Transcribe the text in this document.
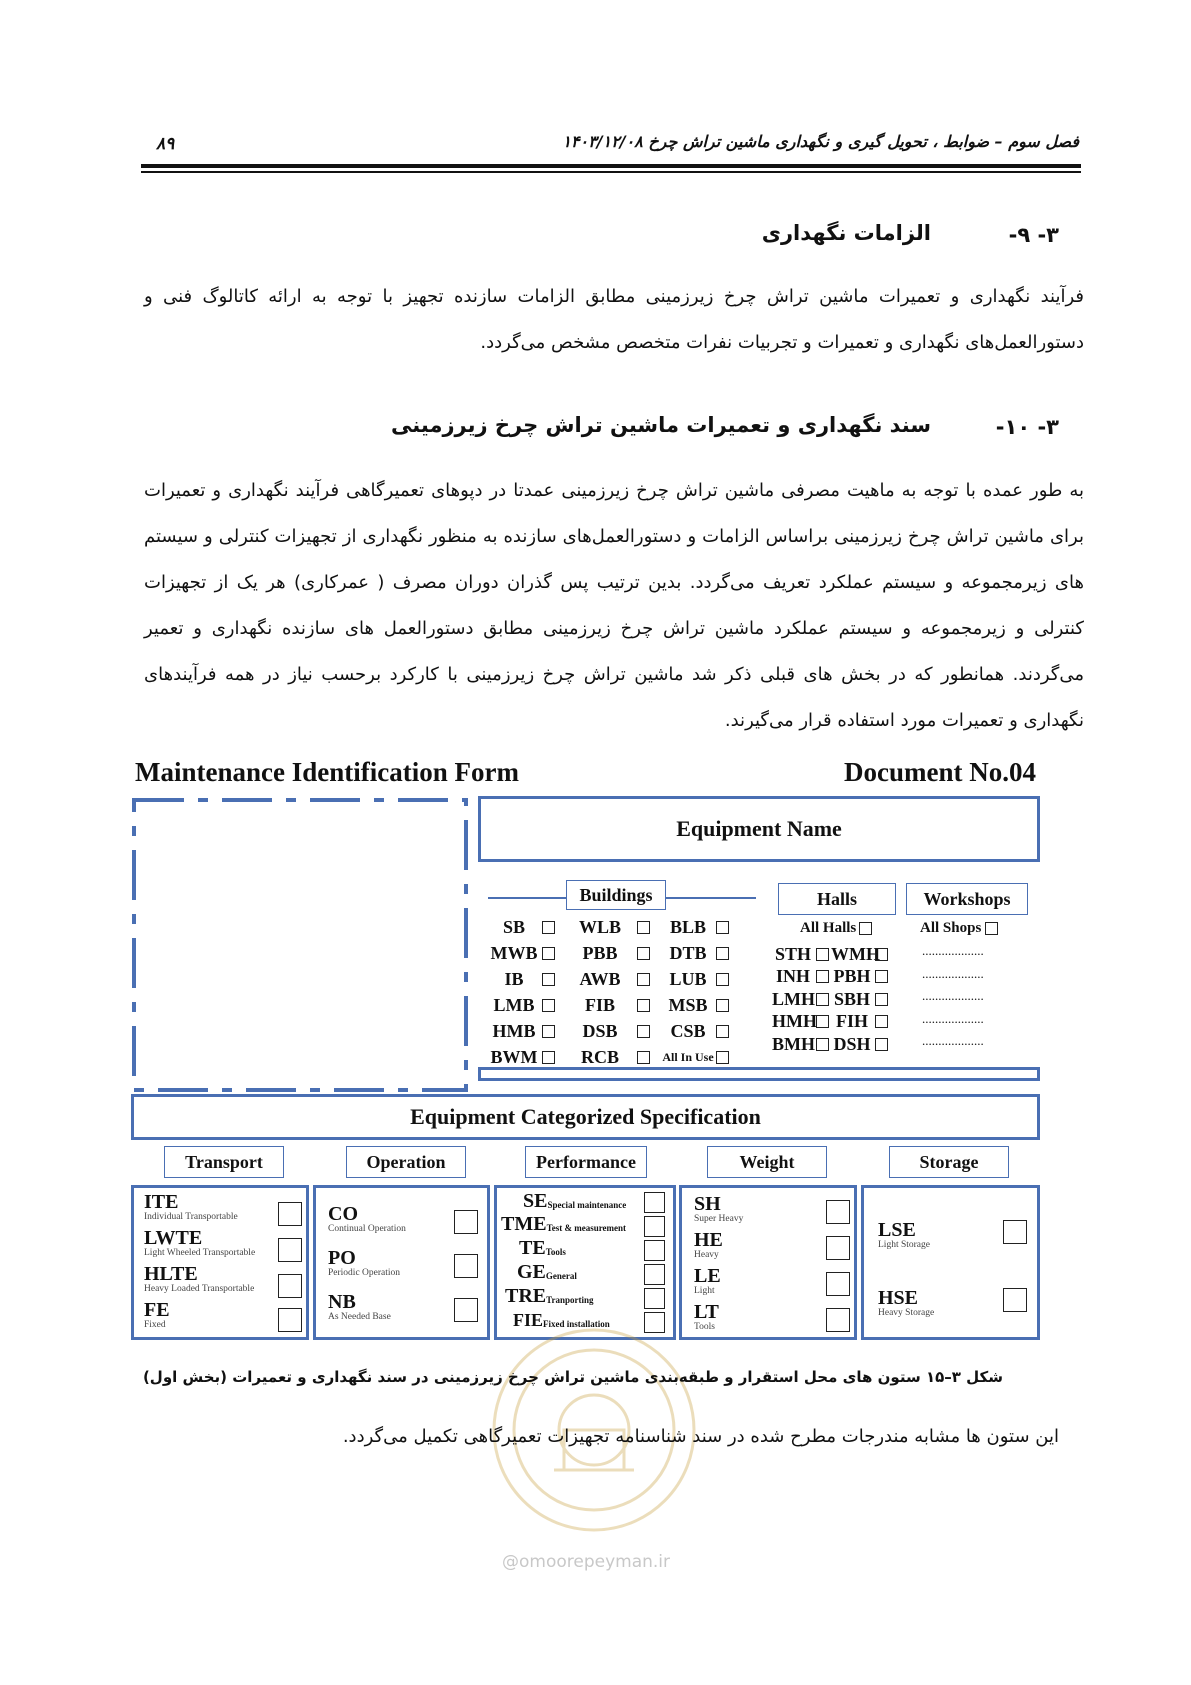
۸۹	فصل سوم – ضوابط ، تحویل گیری و نگهداری ماشین تراش چرخ ۱۴۰۳/۱۲/۰۸
۳- ۹-
الزامات نگهداری
فرآیند نگهداری و تعمیرات ماشین تراش چرخ زیرزمینی مطابق الزامات سازنده تجهیز با توجه به ارائه کاتالوگ فنی و دستورالعمل‌های نگهداری و تعمیرات و تجربیات نفرات متخصص مشخص می‌گردد.
۳- ۱۰-
سند نگهداری و تعمیرات ماشین تراش چرخ زیرزمینی
به طور عمده با توجه به ماهیت مصرفی ماشین تراش چرخ زیرزمینی عمدتا در دپوهای تعمیرگاهی فرآیند نگهداری و تعمیرات برای ماشین تراش چرخ زیرزمینی براساس الزامات و دستورالعمل‌های سازنده به منظور نگهداری از تجهیزات کنترلی و سیستم های زیرمجموعه و سیستم عملکرد تعریف می‌گردد. بدین ترتیب پس گذران دوران مصرف ( عمرکاری) هر یک از تجهیزات کنترلی و زیرمجموعه و سیستم عملکرد ماشین تراش چرخ زیرزمینی مطابق دستورالعمل های سازنده نگهداری و تعمیر می‌گردند. همانطور که در بخش های قبلی ذکر شد ماشین تراش چرخ زیرزمینی با کارکرد برحسب نیاز در همه فرآیندهای نگهداری و تعمیرات مورد استفاده قرار می‌گیرند.
Maintenance Identification Form	Document No.04
Equipment Name
Buildings
SB	WLB	BLB
MWB	PBB	DTB
IB	AWB	LUB
LMB	FIB	MSB
HMB	DSB	CSB
BWM	RCB	All In Use
Halls
All Halls
STH WMH
INH PBH
LMH SBH
HMH FIH
BMH DSH
Workshops
All Shops
...................
...................
...................
...................
...................
Equipment Categorized Specification
Transport	Operation	Performance	Weight	Storage
ITE
Individual Transportable
LWTE
Light Wheeled Transportable
HLTE
Heavy Loaded Transportable
FE
Fixed
CO
Continual Operation
PO
Periodic Operation
NB
As Needed Base
SE Special maintenance
TME Test & measurement
TE Tools
GE General
TRE Tranporting
FIE Fixed installation
SH
Super Heavy
HE
Heavy
LE
Light
LT
Tools
LSE
Light Storage
HSE
Heavy Storage
شکل ۳–۱۵ ستون های محل استقرار و طبقه‌بندی ماشین تراش چرخ زیرزمینی در سند نگهداری و تعمیرات (بخش اول)
این ستون ها مشابه مندرجات مطرح شده در سند شناسنامه تجهیزات تعمیرگاهی تکمیل می‌گردد.
@omoorepeyman.ir
